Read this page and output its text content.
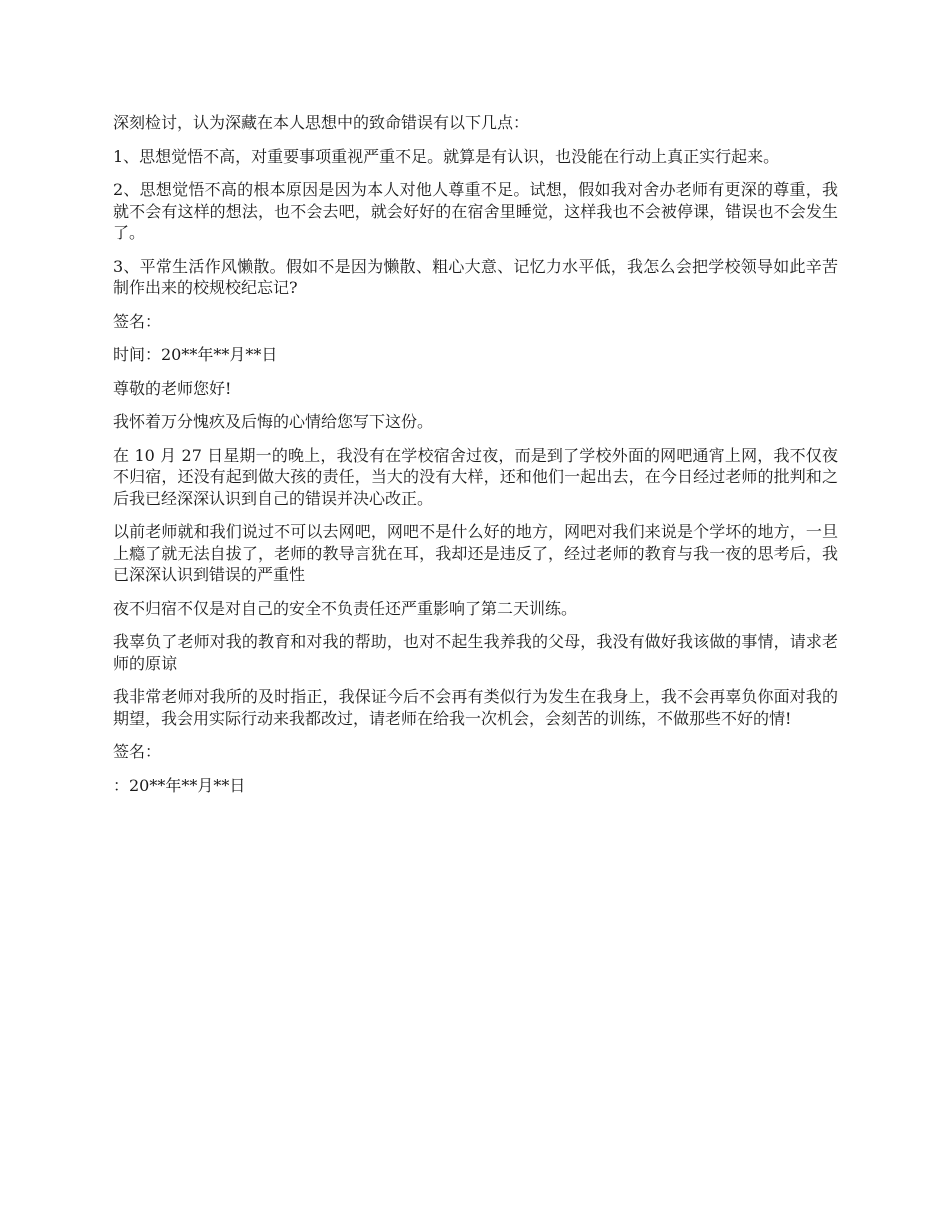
深刻检讨，认为深藏在本人思想中的致命错误有以下几点：

1、思想觉悟不高，对重要事项重视严重不足。就算是有认识，也没能在行动上真正实行起来。

2、思想觉悟不高的根本原因是因为本人对他人尊重不足。试想，假如我对舍办老师有更深的尊重，我就不会有这样的想法，也不会去吧，就会好好的在宿舍里睡觉，这样我也不会被停课，错误也不会发生了。

3、平常生活作风懒散。假如不是因为懒散、粗心大意、记忆力水平低，我怎么会把学校领导如此辛苦制作出来的校规校纪忘记?

签名：

时间：20**年**月**日

尊敬的老师您好!

我怀着万分愧疚及后悔的心情给您写下这份。

在 10 月 27 日星期一的晚上，我没有在学校宿舍过夜，而是到了学校外面的网吧通宵上网，我不仅夜不归宿，还没有起到做大孩的责任，当大的没有大样，还和他们一起出去，在今日经过老师的批判和之后我已经深深认识到自己的错误并决心改正。

以前老师就和我们说过不可以去网吧，网吧不是什么好的地方，网吧对我们来说是个学坏的地方，一旦上瘾了就无法自拔了，老师的教导言犹在耳，我却还是违反了，经过老师的教育与我一夜的思考后，我已深深认识到错误的严重性

夜不归宿不仅是对自己的安全不负责任还严重影响了第二天训练。

我辜负了老师对我的教育和对我的帮助，也对不起生我养我的父母，我没有做好我该做的事情，请求老师的原谅

我非常老师对我所的及时指正，我保证今后不会再有类似行为发生在我身上，我不会再辜负你面对我的期望，我会用实际行动来我都改过，请老师在给我一次机会，会刻苦的训练，不做那些不好的情!

签名：

：20**年**月**日
